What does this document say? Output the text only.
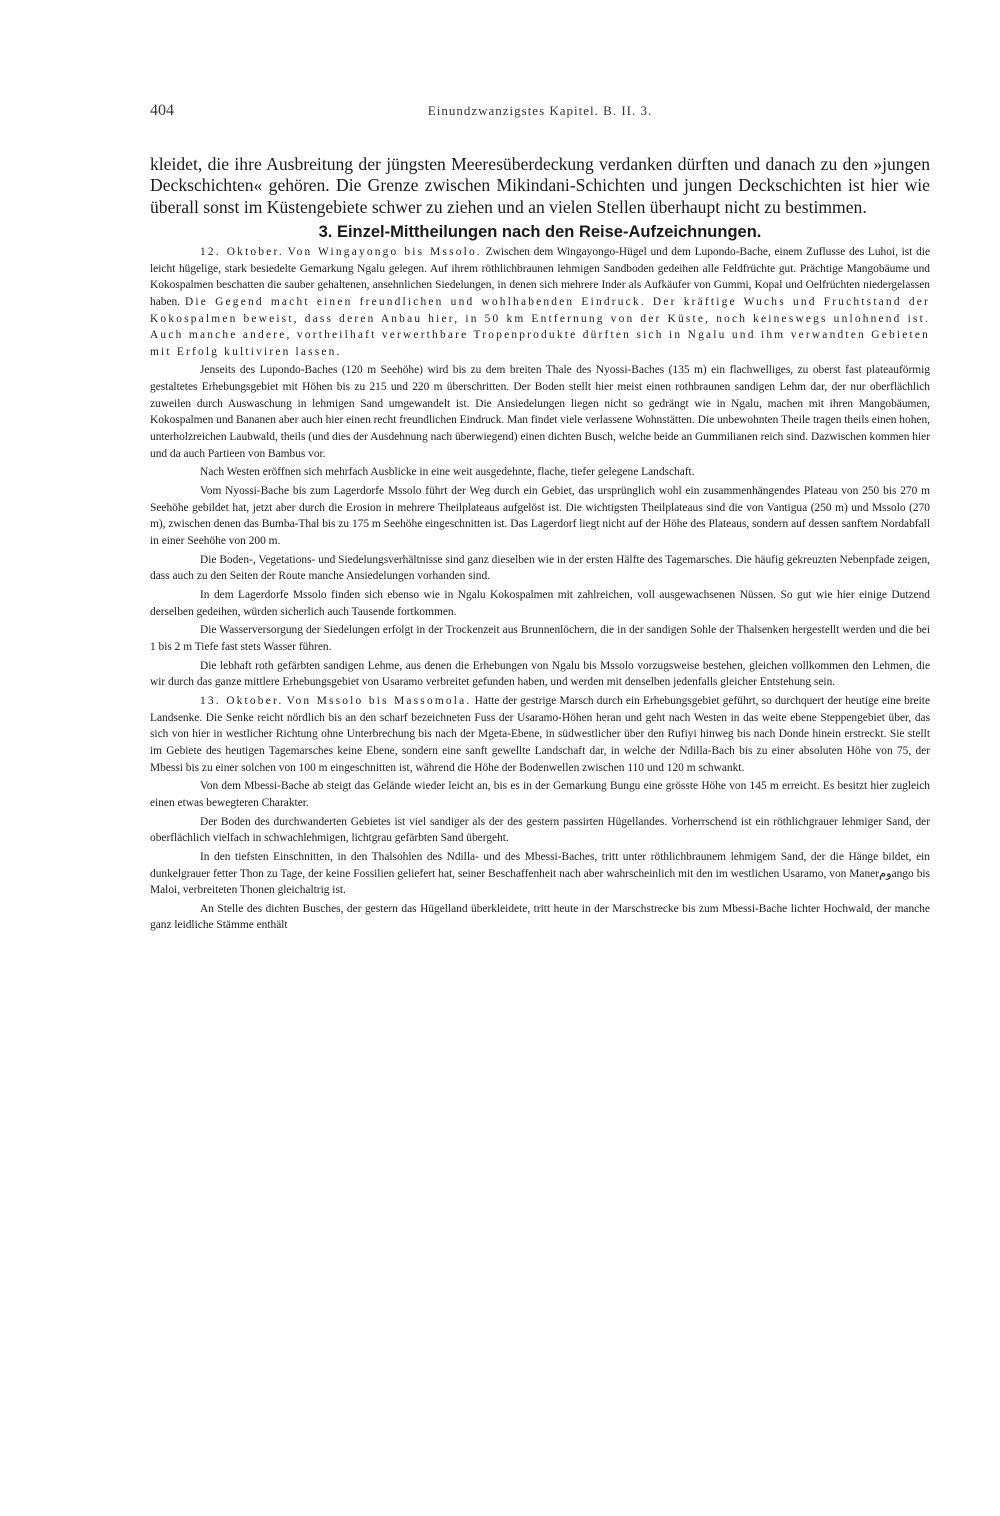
404	Einundzwanzigstes Kapitel. B. II. 3.

kleidet, die ihre Ausbreitung der jüngsten Meeresüberdeckung verdanken dürften und danach zu den »jungen Deckschichten« gehören. Die Grenze zwischen Mikindani-Schichten und jungen Deckschichten ist hier wie überall sonst im Küstengebiete schwer zu ziehen und an vielen Stellen überhaupt nicht zu bestimmen.

3. Einzel-Mittheilungen nach den Reise-Aufzeichnungen.

12. Oktober. Von Wingayongo bis Mssolo. Zwischen dem Wingayongo-Hügel und dem Lupondo-Bache, einem Zuflusse des Luhoi, ist die leicht hügelige, stark besiedelte Gemarkung Ngalu gelegen. Auf ihrem röthlichbraunen lehmigen Sandboden gedeihen alle Feldfrüchte gut. Prächtige Mangobäume und Kokospalmen beschatten die sauber gehaltenen, ansehnlichen Siedelungen, in denen sich mehrere Inder als Aufkäufer von Gummi, Kopal und Oelfrüchten niedergelassen haben. Die Gegend macht einen freundlichen und wohlhabenden Eindruck. Der kräftige Wuchs und Fruchtstand der Kokospalmen beweist, dass deren Anbau hier, in 50 km Entfernung von der Küste, noch keineswegs unlohnend ist. Auch manche andere, vortheilhaft verwerthbare Tropenprodukte dürften sich in Ngalu und ihm verwandten Gebieten mit Erfolg kultiviren lassen.

Jenseits des Lupondo-Baches (120 m Seehöhe) wird bis zu dem breiten Thale des Nyossi-Baches (135 m) ein flachwelliges, zu oberst fast plateauförmig gestaltetes Erhebungsgebiet mit Höhen bis zu 215 und 220 m überschritten. Der Boden stellt hier meist einen rothbraunen sandigen Lehm dar, der nur oberflächlich zuweilen durch Auswaschung in lehmigen Sand umgewandelt ist. Die Ansiedelungen liegen nicht so gedrängt wie in Ngalu, machen mit ihren Mangobäumen, Kokospalmen und Bananen aber auch hier einen recht freundlichen Eindruck. Man findet viele verlassene Wohnstätten. Die unbewohnten Theile tragen theils einen hohen, unterholzreichen Laubwald, theils (und dies der Ausdehnung nach überwiegend) einen dichten Busch, welche beide an Gummilianen reich sind. Dazwischen kommen hier und da auch Partieen von Bambus vor.

Nach Westen eröffnen sich mehrfach Ausblicke in eine weit ausgedehnte, flache, tiefer gelegene Landschaft.

Vom Nyossi-Bache bis zum Lagerdorfe Mssolo führt der Weg durch ein Gebiet, das ursprünglich wohl ein zusammenhängendes Plateau von 250 bis 270 m Seehöhe gebildet hat, jetzt aber durch die Erosion in mehrere Theilplateaus aufgelöst ist. Die wichtigsten Theilplateaus sind die von Vantigua (250 m) und Mssolo (270 m), zwischen denen das Bumba-Thal bis zu 175 m Seehöhe eingeschnitten ist. Das Lagerdorf liegt nicht auf der Höhe des Plateaus, sondern auf dessen sanftem Nordabfall in einer Seehöhe von 200 m.

Die Boden-, Vegetations- und Siedelungsverhältnisse sind ganz dieselben wie in der ersten Hälfte des Tagemarsches. Die häufig gekreuzten Nebenpfade zeigen, dass auch zu den Seiten der Route manche Ansiedelungen vorhanden sind.

In dem Lagerdorfe Mssolo finden sich ebenso wie in Ngalu Kokospalmen mit zahlreichen, voll ausgewachsenen Nüssen. So gut wie hier einige Dutzend derselben gedeihen, würden sicherlich auch Tausende fortkommen.

Die Wasserversorgung der Siedelungen erfolgt in der Trockenzeit aus Brunnenlöchern, die in der sandigen Sohle der Thalsenken hergestellt werden und die bei 1 bis 2 m Tiefe fast stets Wasser führen.

Die lebhaft roth gefärbten sandigen Lehme, aus denen die Erhebungen von Ngalu bis Mssolo vorzugsweise bestehen, gleichen vollkommen den Lehmen, die wir durch das ganze mittlere Erhebungsgebiet von Usaramo verbreitet gefunden haben, und werden mit denselben jedenfalls gleicher Entstehung sein.

13. Oktober. Von Mssolo bis Massomola. Hatte der gestrige Marsch durch ein Erhebungsgebiet geführt, so durchquert der heutige eine breite Landsenke. Die Senke reicht nördlich bis an den scharf bezeichneten Fuss der Usaramo-Höhen heran und geht nach Westen in das weite ebene Steppengebiet über, das sich von hier in westlicher Richtung ohne Unterbrechung bis nach der Mgeta-Ebene, in südwestlicher über den Rufiyi hinweg bis nach Donde hinein erstreckt. Sie stellt im Gebiete des heutigen Tagemarsches keine Ebene, sondern eine sanft gewellte Landschaft dar, in welche der Ndilla-Bach bis zu einer absoluten Höhe von 75, der Mbessi bis zu einer solchen von 100 m eingeschnitten ist, während die Höhe der Bodenwellen zwischen 110 und 120 m schwankt.

Von dem Mbessi-Bache ab steigt das Gelände wieder leicht an, bis es in der Gemarkung Bungu eine grösste Höhe von 145 m erreicht. Es besitzt hier zugleich einen etwas bewegteren Charakter.

Der Boden des durchwanderten Gebietes ist viel sandiger als der des gestern passirten Hügellandes. Vorherrschend ist ein röthlichgrauer lehmiger Sand, der oberflächlich vielfach in schwachlehmigen, lichtgrau gefärbten Sand übergeht.

In den tiefsten Einschnitten, in den Thalsohlen des Ndilla- und des Mbessi-Baches, tritt unter röthlichbraunem lehmigem Sand, der die Hänge bildet, ein dunkelgrauer fetter Thon zu Tage, der keine Fossilien geliefert hat, seiner Beschaffenheit nach aber wahrscheinlich mit den im westlichen Usaramo, von Manerومango bis Maloi, verbreiteten Thonen gleichaltrig ist.

An Stelle des dichten Busches, der gestern das Hügelland überkleidete, tritt heute in der Marschstrecke bis zum Mbessi-Bache lichter Hochwald, der manche ganz leidliche Stämme enthält
